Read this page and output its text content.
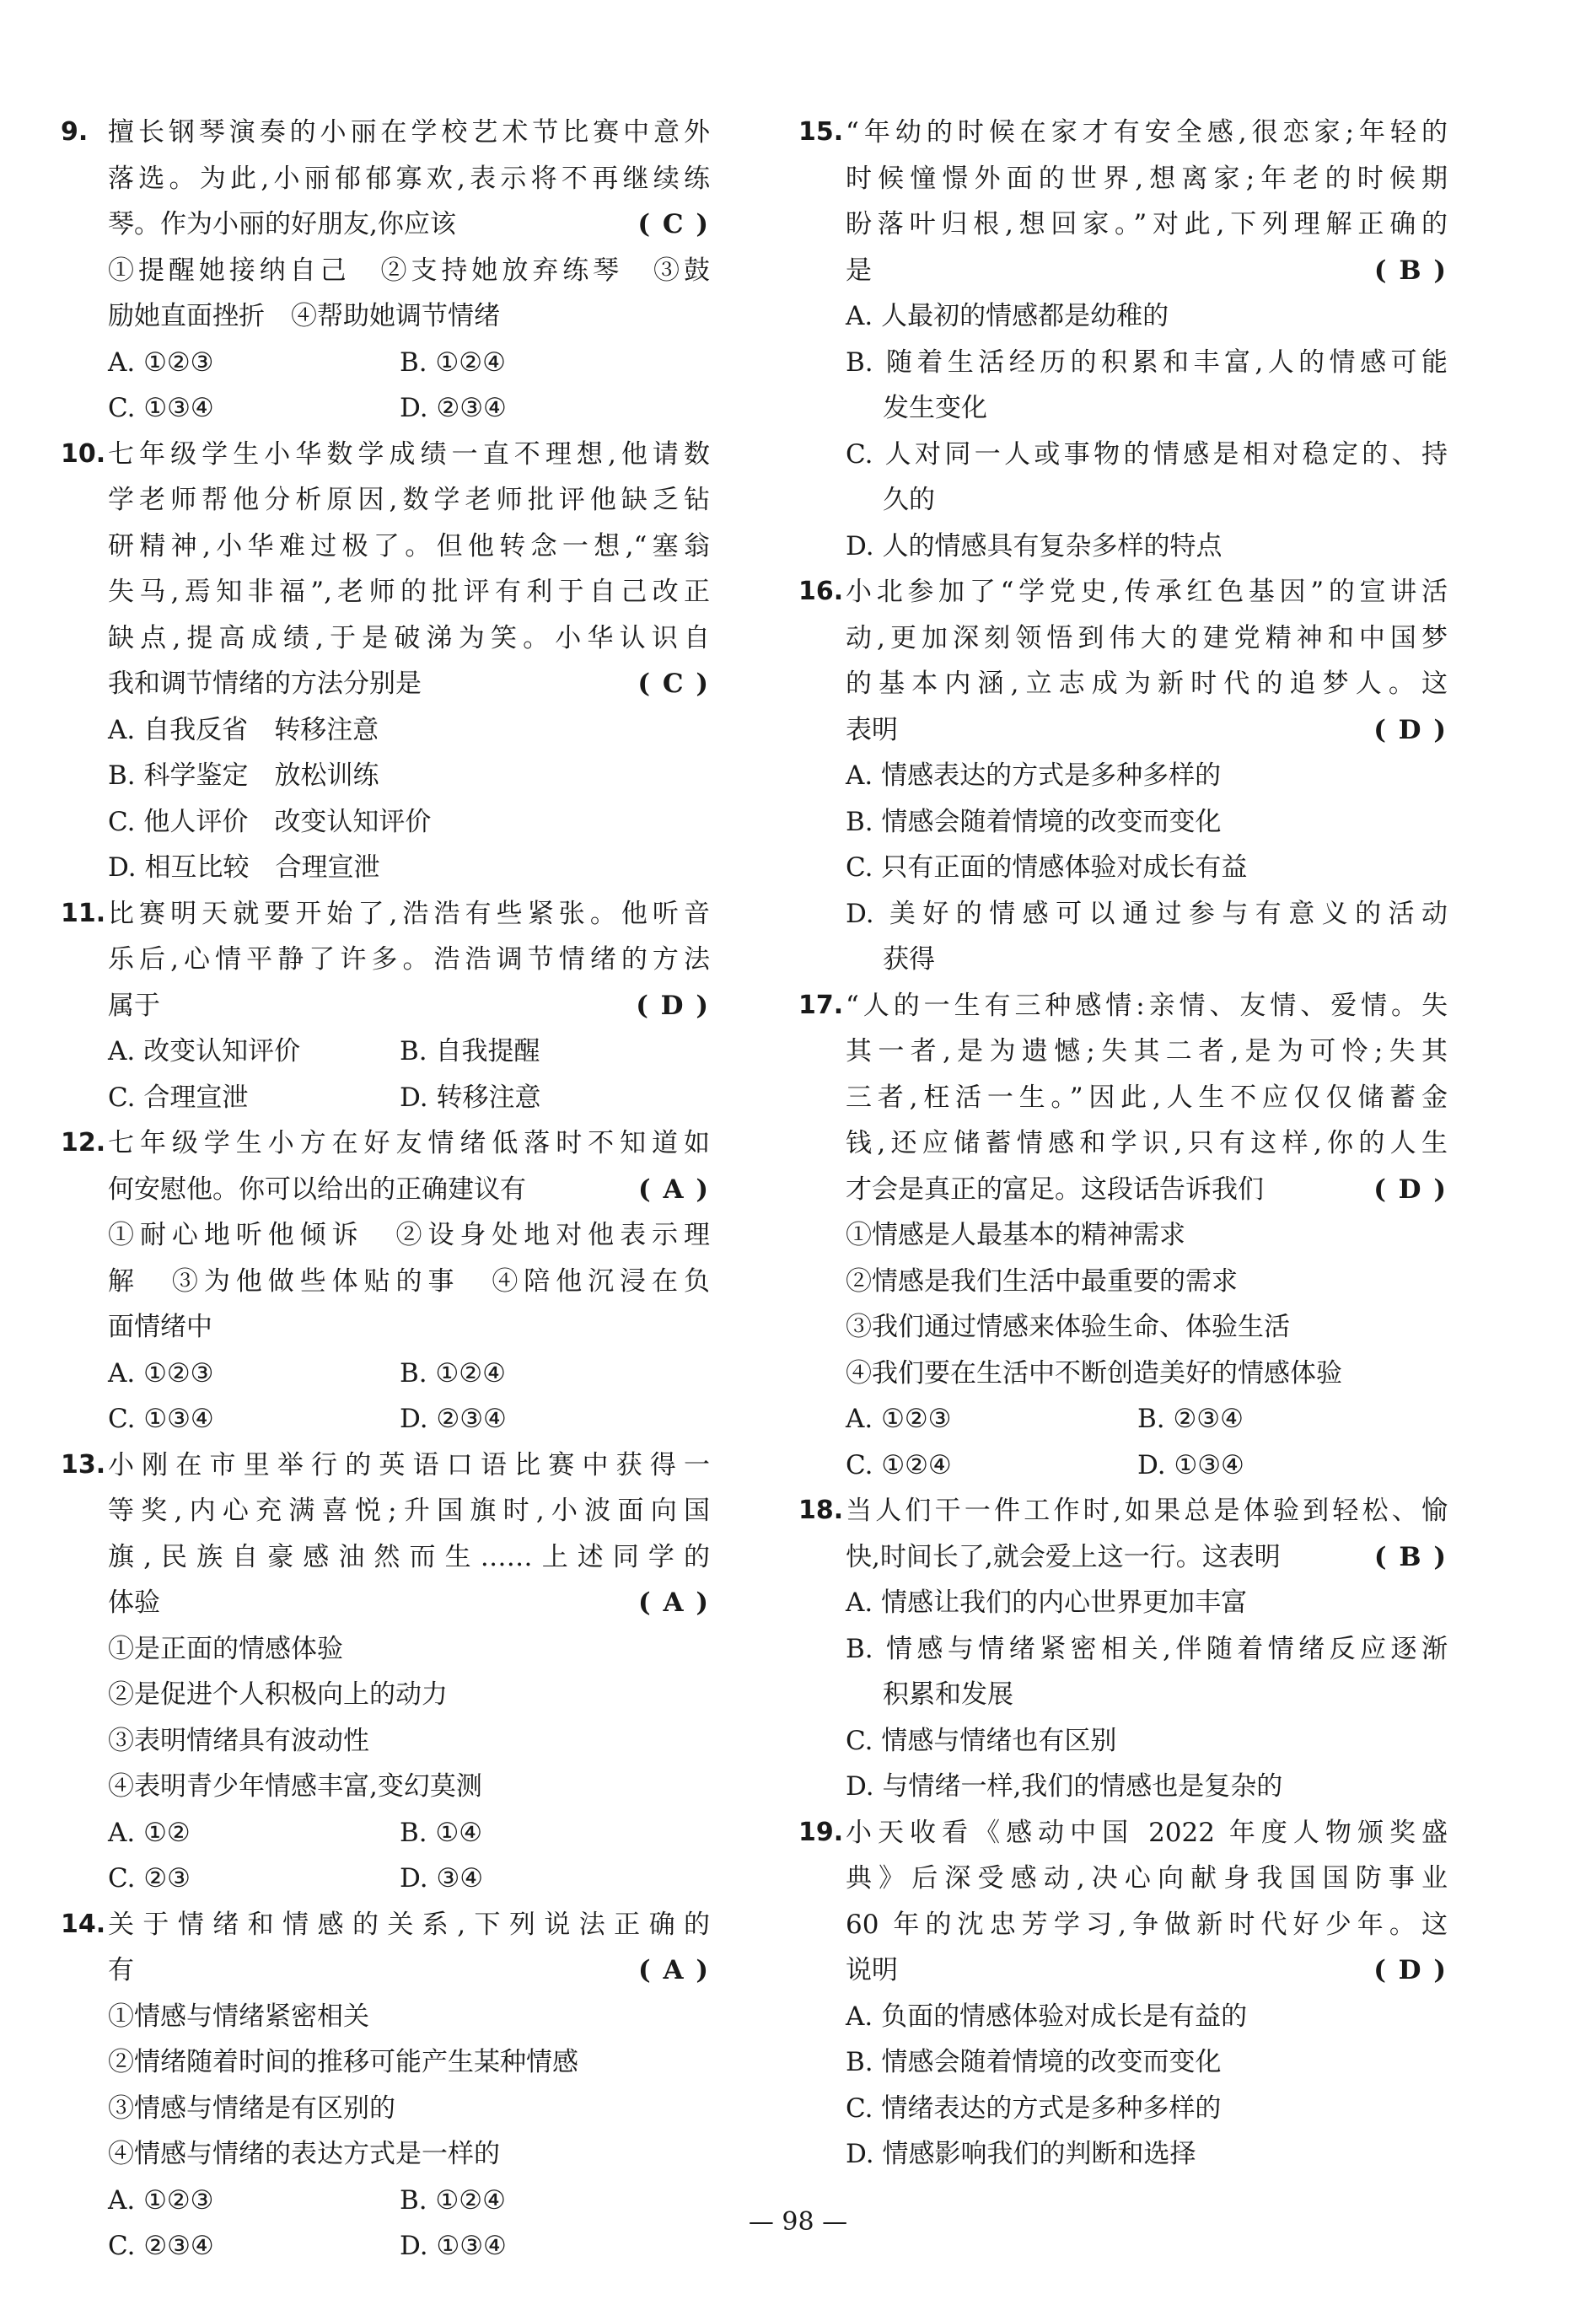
9. 擅长钢琴演奏的小丽在学校艺术节比赛中意外
落选。为此,小丽郁郁寡欢,表示将不再继续练
琴。作为小丽的好朋友,你应该	( C )
①提醒她接纳自己　②支持她放弃练琴　③鼓
励她直面挫折　④帮助她调节情绪
A. ①②③	B. ①②④
C. ①③④	D. ②③④
10. 七年级学生小华数学成绩一直不理想,他请数
学老师帮他分析原因,数学老师批评他缺乏钻
研精神,小华难过极了。但他转念一想,“塞翁
失马,焉知非福”,老师的批评有利于自己改正
缺点,提高成绩,于是破涕为笑。小华认识自
我和调节情绪的方法分别是	( C )
A. 自我反省　转移注意
B. 科学鉴定　放松训练
C. 他人评价　改变认知评价
D. 相互比较　合理宣泄
11. 比赛明天就要开始了,浩浩有些紧张。他听音
乐后,心情平静了许多。浩浩调节情绪的方法
属于	( D )
A. 改变认知评价	B. 自我提醒
C. 合理宣泄	D. 转移注意
12. 七年级学生小方在好友情绪低落时不知道如
何安慰他。你可以给出的正确建议有	( A )
①耐心地听他倾诉　②设身处地对他表示理
解　③为他做些体贴的事　④陪他沉浸在负
面情绪中
A. ①②③	B. ①②④
C. ①③④	D. ②③④
13. 小刚在市里举行的英语口语比赛中获得一
等奖,内心充满喜悦;升国旗时,小波面向国
旗,民族自豪感油然而生……上述同学的
体验	( A )
①是正面的情感体验
②是促进个人积极向上的动力
③表明情绪具有波动性
④表明青少年情感丰富,变幻莫测
A. ①②	B. ①④
C. ②③	D. ③④
14. 关于情绪和情感的关系,下列说法正确的
有	( A )
①情感与情绪紧密相关
②情绪随着时间的推移可能产生某种情感
③情感与情绪是有区别的
④情感与情绪的表达方式是一样的
A. ①②③	B. ①②④
C. ②③④	D. ①③④
15. “年幼的时候在家才有安全感,很恋家;年轻的
时候憧憬外面的世界,想离家;年老的时候期
盼落叶归根,想回家。”对此,下列理解正确的
是	( B )
A. 人最初的情感都是幼稚的
B. 随着生活经历的积累和丰富,人的情感可能
发生变化
C. 人对同一人或事物的情感是相对稳定的、持
久的
D. 人的情感具有复杂多样的特点
16. 小北参加了“学党史,传承红色基因”的宣讲活
动,更加深刻领悟到伟大的建党精神和中国梦
的基本内涵,立志成为新时代的追梦人。这
表明	( D )
A. 情感表达的方式是多种多样的
B. 情感会随着情境的改变而变化
C. 只有正面的情感体验对成长有益
D. 美好的情感可以通过参与有意义的活动
获得
17. “人的一生有三种感情:亲情、友情、爱情。失
其一者,是为遗憾;失其二者,是为可怜;失其
三者,枉活一生。”因此,人生不应仅仅储蓄金
钱,还应储蓄情感和学识,只有这样,你的人生
才会是真正的富足。这段话告诉我们	( D )
①情感是人最基本的精神需求
②情感是我们生活中最重要的需求
③我们通过情感来体验生命、体验生活
④我们要在生活中不断创造美好的情感体验
A. ①②③	B. ②③④
C. ①②④	D. ①③④
18. 当人们干一件工作时,如果总是体验到轻松、愉
快,时间长了,就会爱上这一行。这表明	( B )
A. 情感让我们的内心世界更加丰富
B. 情感与情绪紧密相关,伴随着情绪反应逐渐
积累和发展
C. 情感与情绪也有区别
D. 与情绪一样,我们的情感也是复杂的
19. 小天收看《感动中国 2022 年度人物颁奖盛
典》后深受感动,决心向献身我国国防事业
60 年的沈忠芳学习,争做新时代好少年。这
说明	( D )
A. 负面的情感体验对成长是有益的
B. 情感会随着情境的改变而变化
C. 情绪表达的方式是多种多样的
D. 情感影响我们的判断和选择
— 98 —
